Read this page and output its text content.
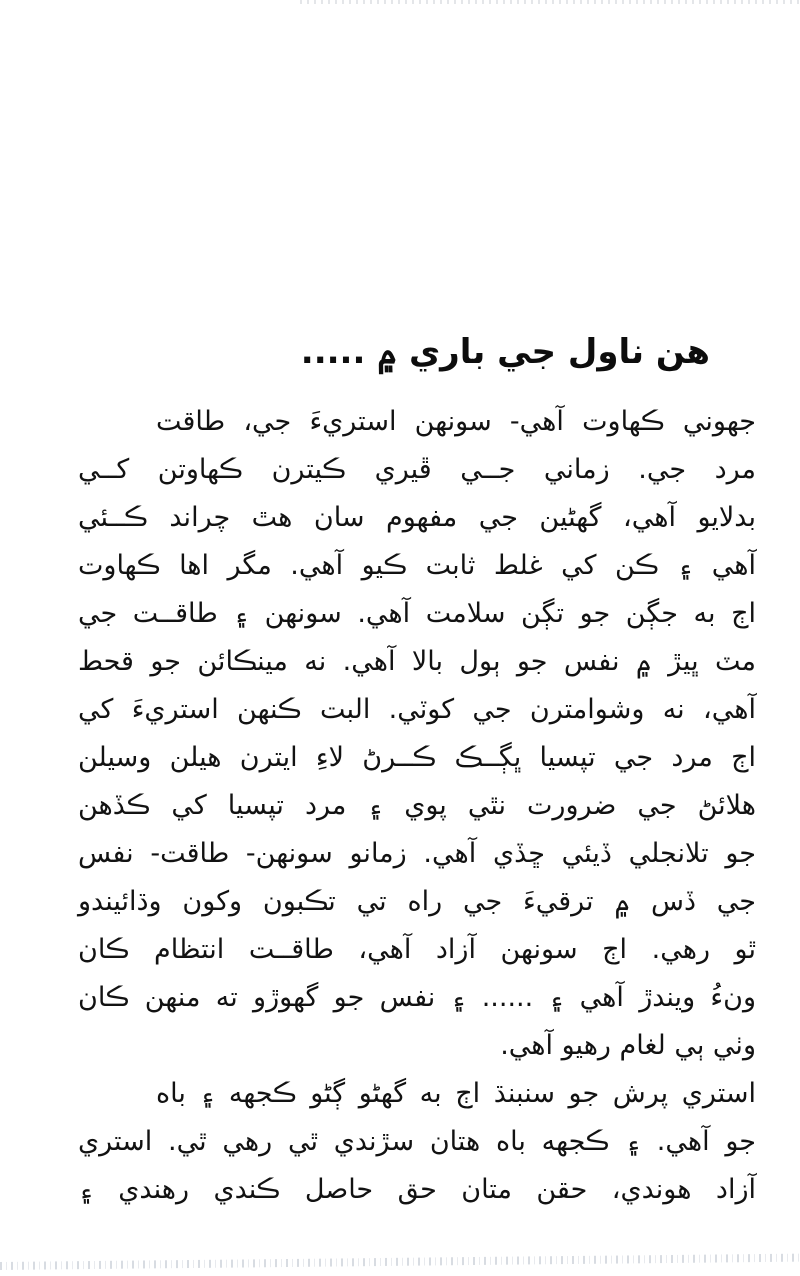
هن ناول جي باري ۾ .....
جهوني ڪهاوت آهي- سونهن استريءَ جي، طاقت
مرد جي. زماني جــي ڦيري ڪيترن ڪهاوتن کــي
بدلايو آهي، گهڻين جي مفهوم سان هٿ چراند ڪــئي
آهي ۽ ڪن کي غلط ثابت ڪيو آهي. مگر اها ڪهاوت
اڄ به جڳن جو تڳن سلامت آهي. سونهن ۽ طاقــت جي
مٽ ڀيڙ ۾ نفس جو ٻول بالا آهي. نه مينڪائن جو قحط
آهي، نه وشوامترن جي کوٽي. البت ڪنهن استريءَ کي
اڄ مرد جي تپسيا ڀڳــڪ ڪــرڻ لاءِ ايترن هيلن وسيلن
هلائڻ جي ضرورت نٿي پوي ۽ مرد تپسيا کي ڪڏهن
جو تلانجلي ڏيئي ڇڏي آهي. زمانو سونهن- طاقت- نفس
جي ڏس ۾ ترقيءَ جي راه تي تڪبون وکون وڌائيندو
ٿو رهي. اڄ سونهن آزاد آهي، طاقــت انتظام ڪان
ونءُ ويندڙ آهي ۽ ...... ۽ نفس جو گهوڙو ته منهن ڪان
وٺي ٻي لغام رهيو آهي.
استري پرش جو سنبنڌ اڄ به گهڻو ڳڻو ڪجهه ۽ باه
جو آهي. ۽ ڪجهه باه هتان سڙندي ٿي رهي ٿي. استري
آزاد هوندي، حقن متان حق حاصل ڪندي رهندي ۽
